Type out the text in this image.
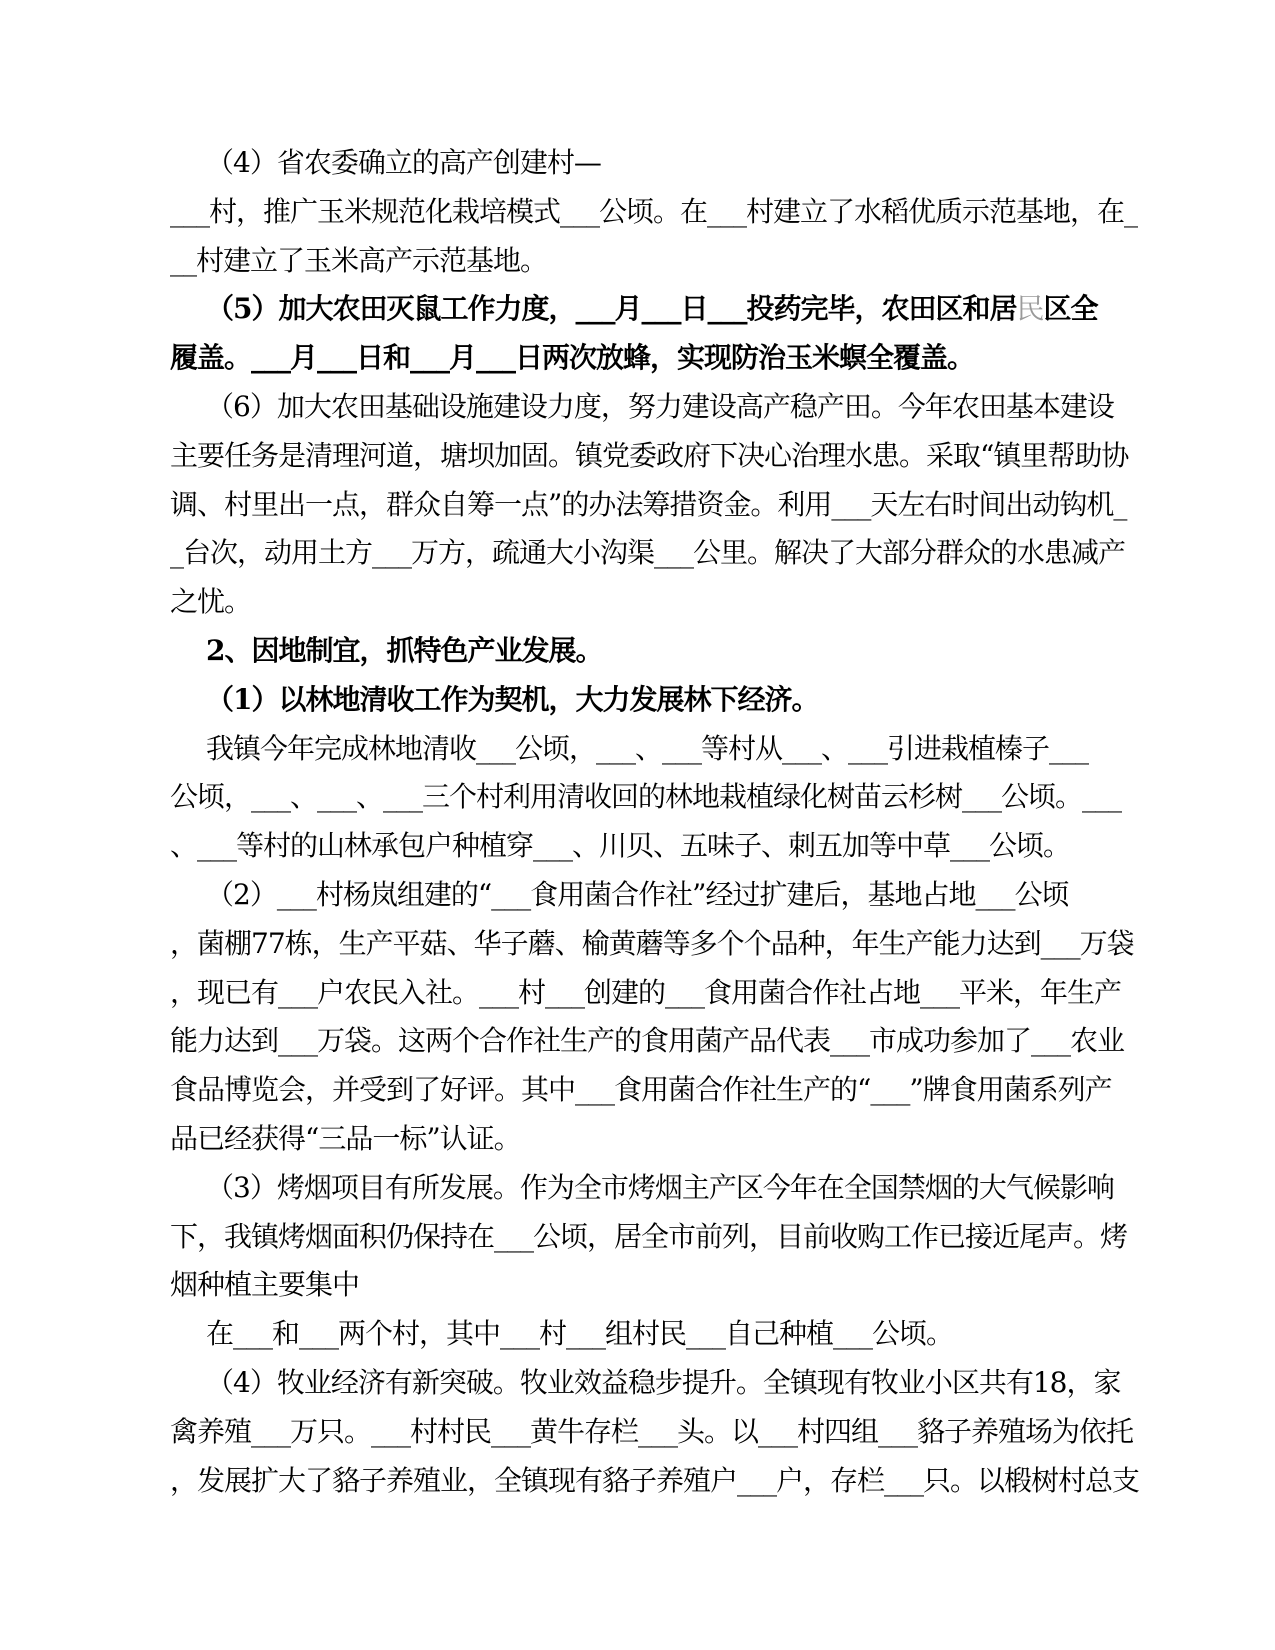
（4）省农委确立的高产创建村—
___村，推广玉米规范化栽培模式___公顷。在___村建立了水稻优质示范基地，在_
__村建立了玉米高产示范基地。
（5）加大农田灭鼠工作力度，___月___日___投药完毕，农田区和居民区全
履盖。___月___日和___月___日两次放蜂，实现防治玉米螟全覆盖。
（6）加大农田基础设施建设力度，努力建设高产稳产田。今年农田基本建设
主要任务是清理河道，塘坝加固。镇党委政府下决心治理水患。采取“镇里帮助协
调、村里出一点，群众自筹一点”的办法筹措资金。利用___天左右时间出动钩机_
_台次，动用土方___万方，疏通大小沟渠___公里。解决了大部分群众的水患减产
之忧。
2、因地制宜，抓特色产业发展。
（1）以林地清收工作为契机，大力发展林下经济。
我镇今年完成林地清收___公顷，___、___等村从___、___引进栽植榛子___
公顷，___、___、___三个村利用清收回的林地栽植绿化树苗云杉树___公顷。___
、___等村的山林承包户种植穿___、川贝、五味子、刺五加等中草___公顷。
（2）___村杨岚组建的“___食用菌合作社”经过扩建后，基地占地___公顷
，菌棚77栋，生产平菇、华子蘑、榆黄蘑等多个个品种，年生产能力达到___万袋
，现已有___户农民入社。___村___创建的___食用菌合作社占地___平米，年生产
能力达到___万袋。这两个合作社生产的食用菌产品代表___市成功参加了___农业
食品博览会，并受到了好评。其中___食用菌合作社生产的“___”牌食用菌系列产
品已经获得“三品一标”认证。
（3）烤烟项目有所发展。作为全市烤烟主产区今年在全国禁烟的大气候影响
下，我镇烤烟面积仍保持在___公顷，居全市前列，目前收购工作已接近尾声。烤
烟种植主要集中
在___和___两个村，其中___村___组村民___自己种植___公顷。
（4）牧业经济有新突破。牧业效益稳步提升。全镇现有牧业小区共有18，家
禽养殖___万只。___村村民___黄牛存栏___头。以___村四组___貉子养殖场为依托
，发展扩大了貉子养殖业，全镇现有貉子养殖户___户，存栏___只。以椴树村总支
